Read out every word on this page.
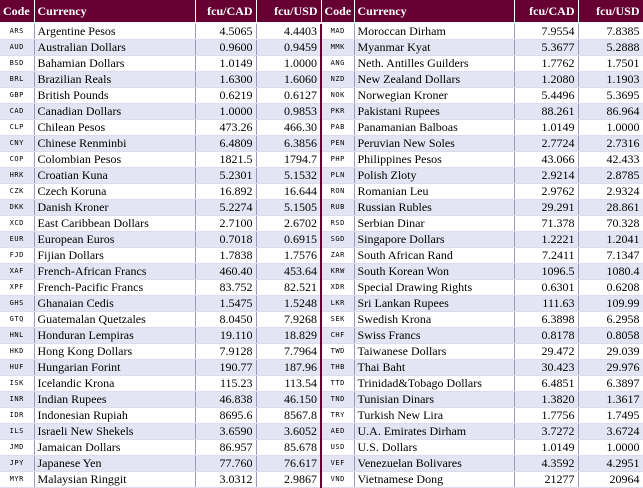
Code	Currency	fcu/CAD	fcu/USD	Code	Currency	fcu/CAD	fcu/USD
ARS	Argentine Pesos	4.5065	4.4403	MAD	Moroccan Dirham	7.9554	7.8385
AUD	Australian Dollars	0.9600	0.9459	MMK	Myanmar Kyat	5.3677	5.2888
BSD	Bahamian Dollars	1.0149	1.0000	ANG	Neth. Antilles Guilders	1.7762	1.7501
BRL	Brazilian Reals	1.6300	1.6060	NZD	New Zealand Dollars	1.2080	1.1903
GBP	British Pounds	0.6219	0.6127	NOK	Norwegian Kroner	5.4496	5.3695
CAD	Canadian Dollars	1.0000	0.9853	PKR	Pakistani Rupees	88.261	86.964
CLP	Chilean Pesos	473.26	466.30	PAB	Panamanian Balboas	1.0149	1.0000
CNY	Chinese Renminbi	6.4809	6.3856	PEN	Peruvian New Soles	2.7724	2.7316
COP	Colombian Pesos	1821.5	1794.7	PHP	Philippines Pesos	43.066	42.433
HRK	Croatian Kuna	5.2301	5.1532	PLN	Polish Zloty	2.9214	2.8785
CZK	Czech Koruna	16.892	16.644	RON	Romanian Leu	2.9762	2.9324
DKK	Danish Kroner	5.2274	5.1505	RUB	Russian Rubles	29.291	28.861
XCD	East Caribbean Dollars	2.7100	2.6702	RSD	Serbian Dinar	71.378	70.328
EUR	European Euros	0.7018	0.6915	SGD	Singapore Dollars	1.2221	1.2041
FJD	Fijian Dollars	1.7838	1.7576	ZAR	South African Rand	7.2411	7.1347
XAF	French-African Francs	460.40	453.64	KRW	South Korean Won	1096.5	1080.4
XPF	French-Pacific Francs	83.752	82.521	XDR	Special Drawing Rights	0.6301	0.6208
GHS	Ghanaian Cedis	1.5475	1.5248	LKR	Sri Lankan Rupees	111.63	109.99
GTQ	Guatemalan Quetzales	8.0450	7.9268	SEK	Swedish Krona	6.3898	6.2958
HNL	Honduran Lempiras	19.110	18.829	CHF	Swiss Francs	0.8178	0.8058
HKD	Hong Kong Dollars	7.9128	7.7964	TWD	Taiwanese Dollars	29.472	29.039
HUF	Hungarian Forint	190.77	187.96	THB	Thai Baht	30.423	29.976
ISK	Icelandic Krona	115.23	113.54	TTD	Trinidad&Tobago Dollars	6.4851	6.3897
INR	Indian Rupees	46.838	46.150	TND	Tunisian Dinars	1.3820	1.3617
IDR	Indonesian Rupiah	8695.6	8567.8	TRY	Turkish New Lira	1.7756	1.7495
ILS	Israeli New Shekels	3.6590	3.6052	AED	U.A. Emirates Dirham	3.7272	3.6724
JMD	Jamaican Dollars	86.957	85.678	USD	U.S. Dollars	1.0149	1.0000
JPY	Japanese Yen	77.760	76.617	VEF	Venezuelan Bolivares	4.3592	4.2951
MYR	Malaysian Ringgit	3.0312	2.9867	VND	Vietnamese Dong	21277	20964
